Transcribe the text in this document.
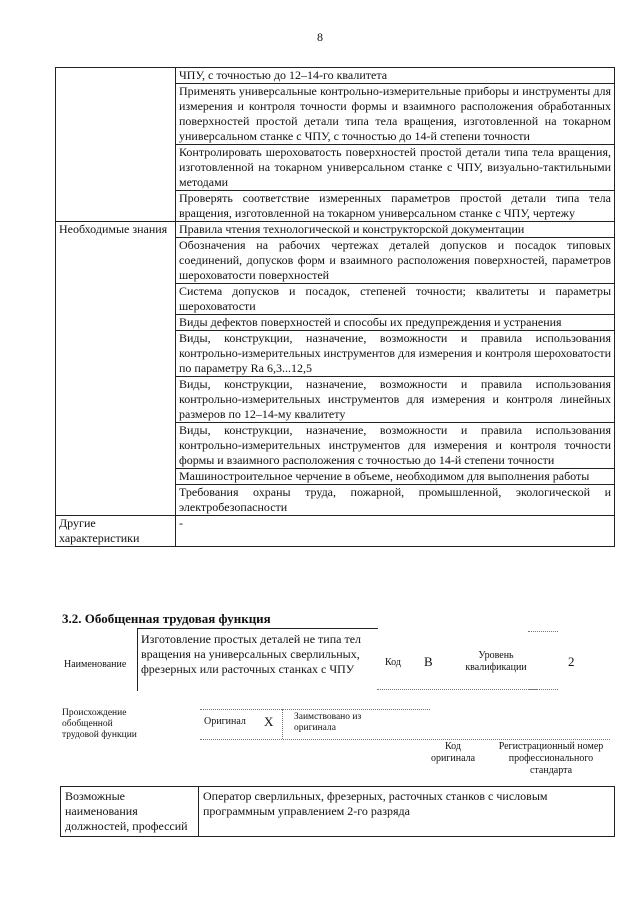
8
	ЧПУ, с точностью до 12–14-го квалитета
	Применять универсальные контрольно-измерительные приборы и инструменты для измерения и контроля точности формы и взаимного расположения обработанных поверхностей простой детали типа тела вращения, изготовленной на токарном универсальном станке с ЧПУ, с точностью до 14-й степени точности
	Контролировать шероховатость поверхностей простой детали типа тела вращения, изготовленной на токарном универсальном станке с ЧПУ, визуально-тактильными методами
	Проверять соответствие измеренных параметров простой детали типа тела вращения, изготовленной на токарном универсальном станке с ЧПУ, чертежу
Необходимые знания	Правила чтения технологической и конструкторской документации
	Обозначения на рабочих чертежах деталей допусков и посадок типовых соединений, допусков форм и взаимного расположения поверхностей, параметров шероховатости поверхностей
	Система допусков и посадок, степеней точности; квалитеты и параметры шероховатости
	Виды дефектов поверхностей и способы их предупреждения и устранения
	Виды, конструкции, назначение, возможности и правила использования контрольно-измерительных инструментов для измерения и контроля шероховатости по параметру Ra 6,3...12,5
	Виды, конструкции, назначение, возможности и правила использования контрольно-измерительных инструментов для измерения и контроля линейных размеров по 12–14-му квалитету
	Виды, конструкции, назначение, возможности и правила использования контрольно-измерительных инструментов для измерения и контроля точности формы и взаимного расположения с точностью до 14-й степени точности
	Машиностроительное черчение в объеме, необходимом для выполнения работы
	Требования охраны труда, пожарной, промышленной, экологической и электробезопасности
Другие характеристики	-
3.2. Обобщенная трудовая функция
Наименование
Изготовление простых деталей не типа тел вращения на универсальных сверлильных, фрезерных или расточных станках с ЧПУ	Код B	Уровень квалификации	2
Происхождение обобщенной трудовой функции
Оригинал X Заимствовано из оригинала
Код оригинала
Регистрационный номер профессионального стандарта
Возможные наименования должностей, профессий	Оператор сверлильных, фрезерных, расточных станков с числовым программным управлением 2-го разряда
